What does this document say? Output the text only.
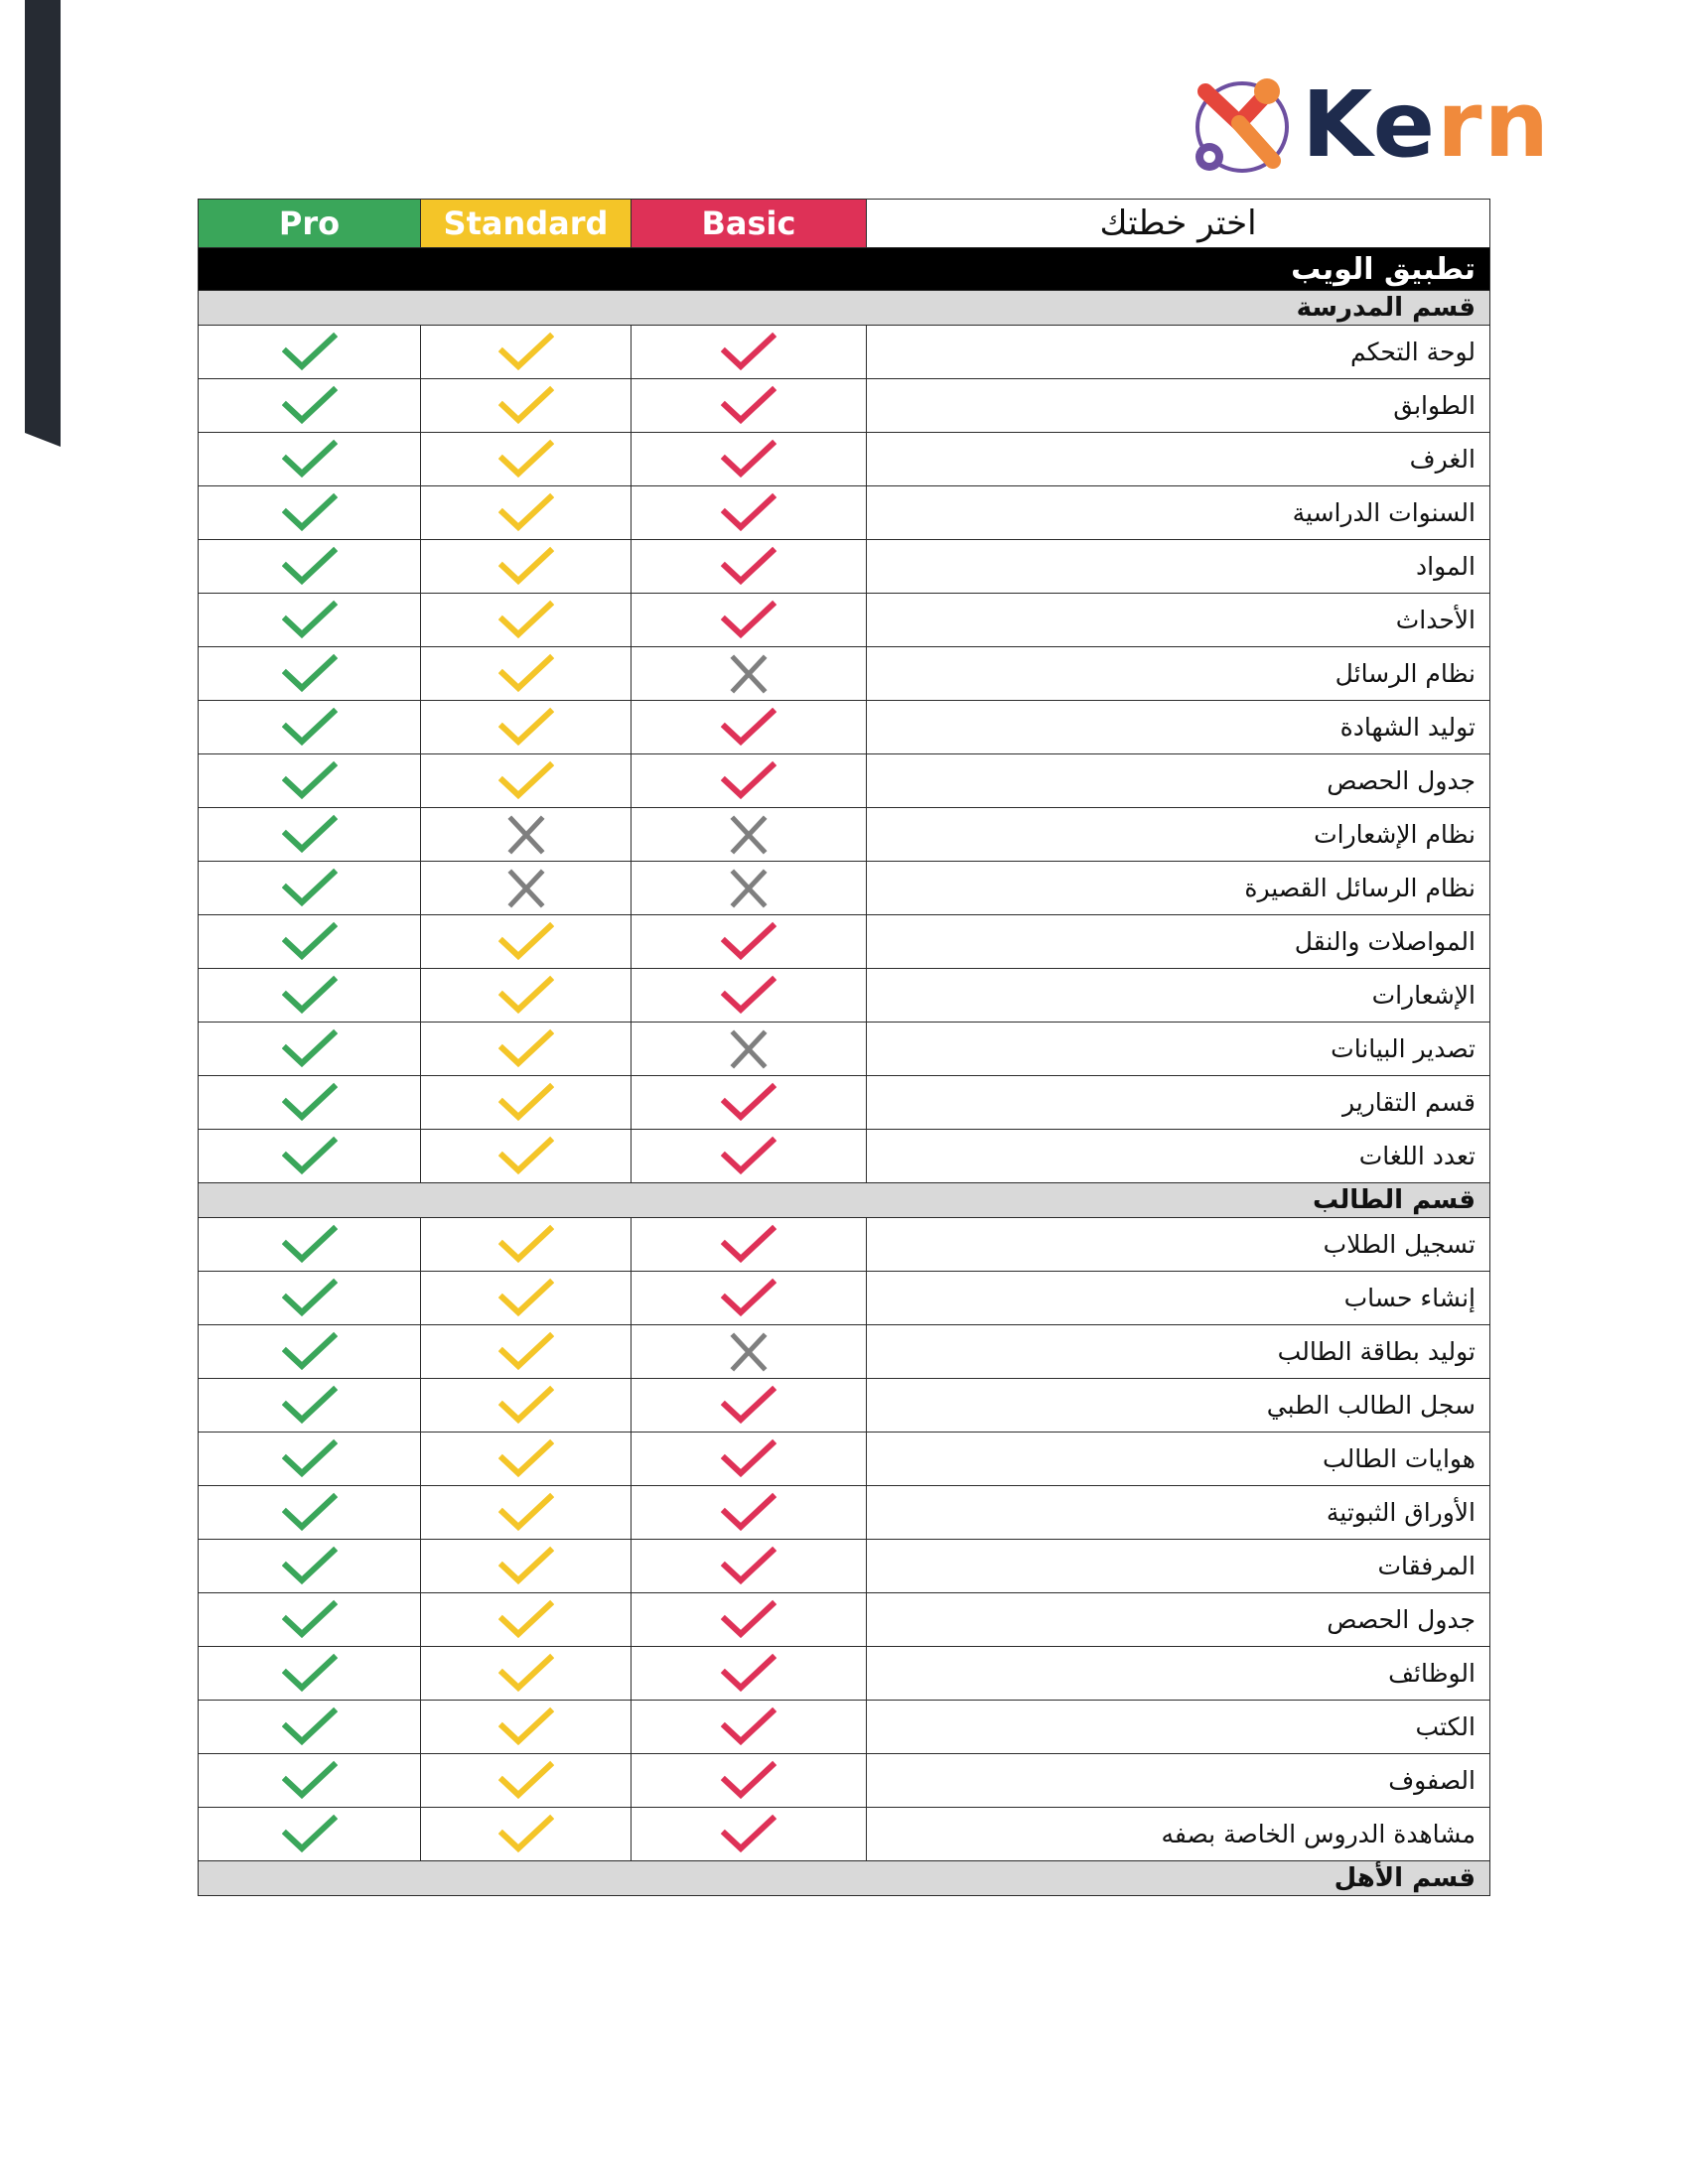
Kern
Pro	Standard	Basic	اختر خطتك
تطبيق الويب			
قسم المدرسة			
			لوحة التحكم
			الطوابق
			الغرف
			السنوات الدراسية
			المواد
			الأحداث
			نظام الرسائل
			توليد الشهادة
			جدول الحصص
			نظام الإشعارات
			نظام الرسائل القصيرة
			المواصلات والنقل
			الإشعارات
			تصدير البيانات
			قسم التقارير
			تعدد اللغات
قسم الطالب			
			تسجيل الطلاب
			إنشاء حساب
			توليد بطاقة الطالب
			سجل الطالب الطبي
			هوايات الطالب
			الأوراق الثبوتية
			المرفقات
			جدول الحصص
			الوظائف
			الكتب
			الصفوف
			مشاهدة الدروس الخاصة بصفه
قسم الأهل			
